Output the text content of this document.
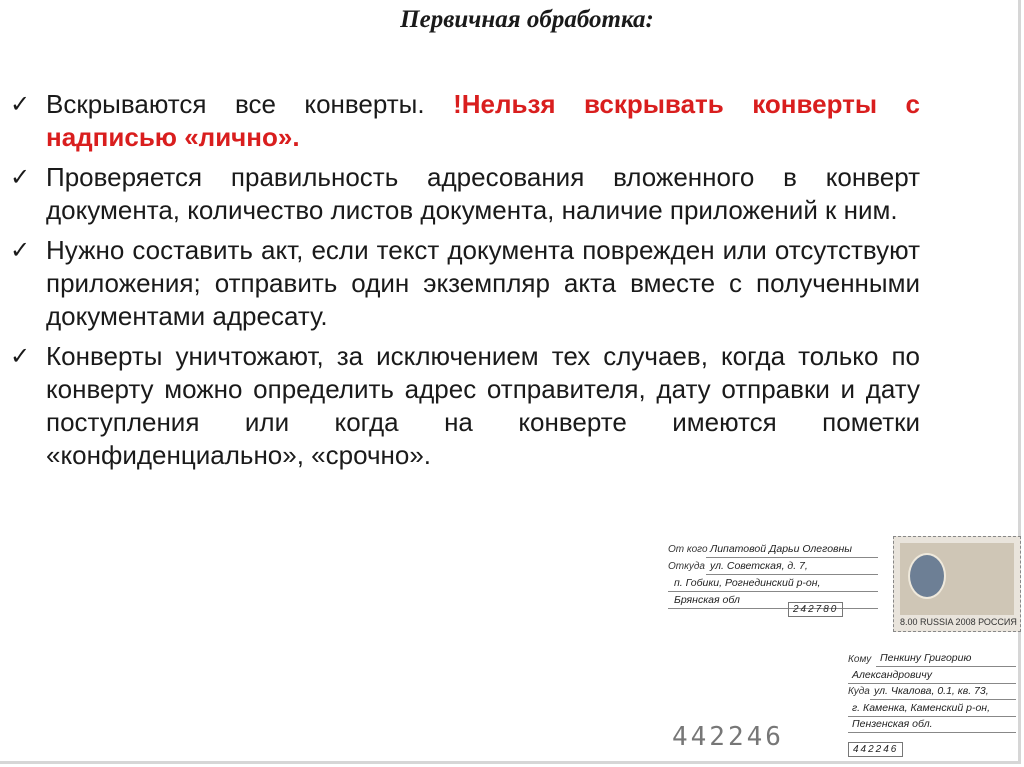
Первичная обработка:
✓ Вскрываются все конверты. !Нельзя вскрывать конверты с надписью «лично».
✓ Проверяется правильность адресования вложенного в конверт документа, количество листов документа, наличие приложений к ним.
✓ Нужно составить акт, если текст документа поврежден или отсутствуют приложения; отправить один экземпляр акта вместе с полученными документами адресату.
✓ Конверты уничтожают, за исключением тех случаев, когда только по конверту можно определить адрес отправителя, дату отправки и дату поступления или когда на конверте имеются пометки «конфиденциально», «срочно».
От кого Липатовой Дарьи Олеговны
Откуда ул. Советская, д. 7,
п. Гобики, Рогнединский р-он,
Брянская обл
242780
8.00 RUSSIA 2008 РОССИЯ
Кому Пенкину Григорию
Александровичу
Куда ул. Чкалова, 0.1, кв. 73,
г. Каменка, Каменский р-он,
Пензенская обл.
442246
442246
